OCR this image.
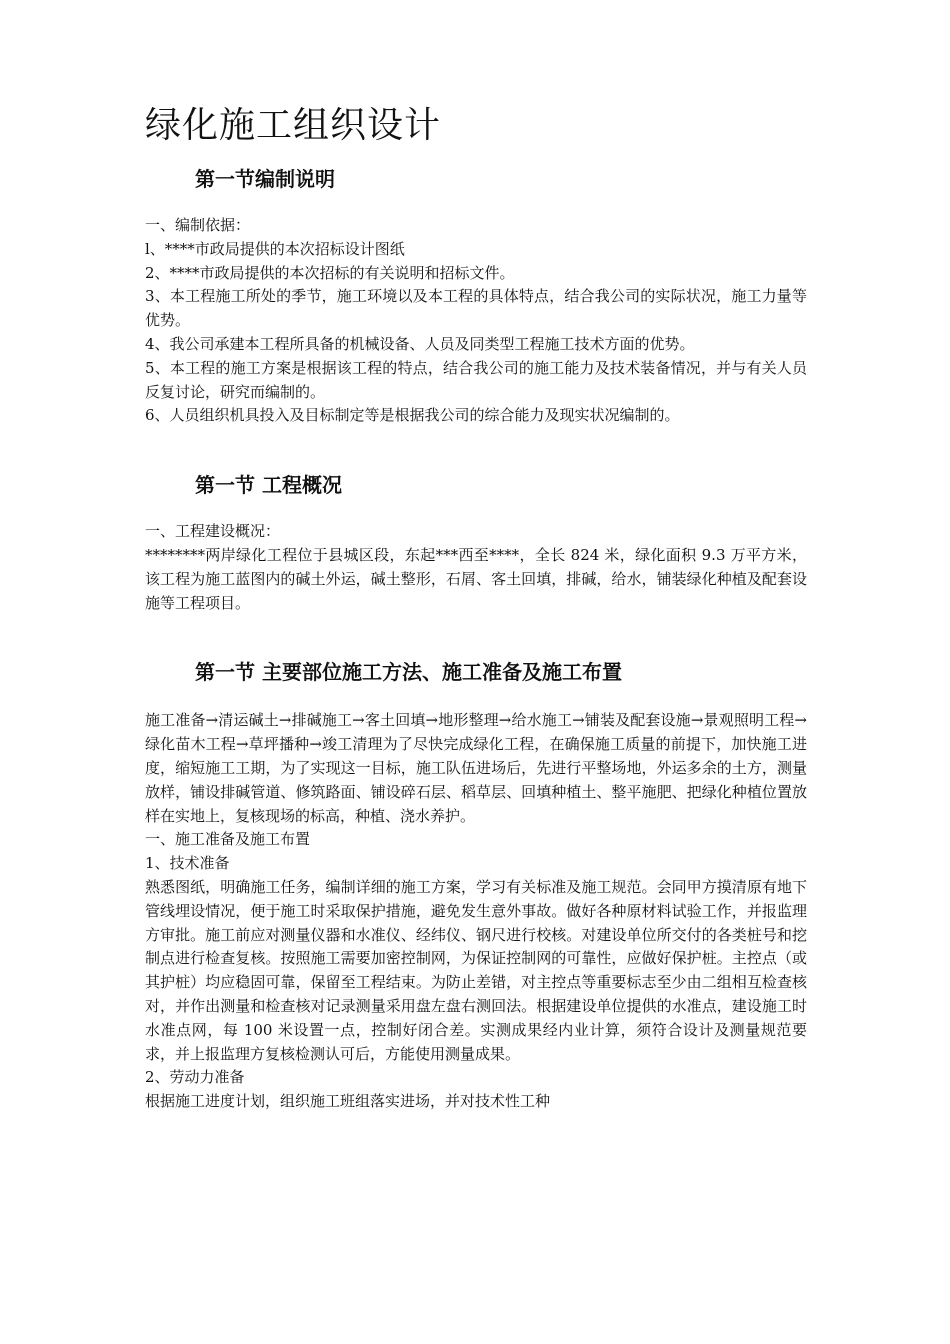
绿化施工组织设计
第一节编制说明

一、编制依据：

l、****市政局提供的本次招标设计图纸

2、****市政局提供的本次招标的有关说明和招标文件。

3、本工程施工所处的季节，施工环境以及本工程的具体特点，结合我公司的实际状况，施工力量等优势。

4、我公司承建本工程所具备的机械设备、人员及同类型工程施工技术方面的优势。

5、本工程的施工方案是根据该工程的特点，结合我公司的施工能力及技术装备情况，并与有关人员反复讨论，研究而编制的。

6、人员组织机具投入及目标制定等是根据我公司的综合能力及现实状况编制的。

第一节 工程概况

一、工程建设概况：

********两岸绿化工程位于县城区段，东起***西至****，全长 824 米，绿化面积 9.3 万平方米，该工程为施工蓝图内的碱土外运，碱土整形，石屑、客土回填，排碱，给水，铺装绿化种植及配套设施等工程项目。

第一节 主要部位施工方法、施工准备及施工布置

施工准备→清运碱土→排碱施工→客土回填→地形整理→给水施工→铺装及配套设施→景观照明工程→绿化苗木工程→草坪播种→竣工清理为了尽快完成绿化工程，在确保施工质量的前提下，加快施工进度，缩短施工工期，为了实现这一目标，施工队伍进场后，先进行平整场地，外运多余的土方，测量放样，铺设排碱管道、修筑路面、铺设碎石层、稻草层、回填种植土、整平施肥、把绿化种植位置放样在实地上，复核现场的标高，种植、浇水养护。

一、施工准备及施工布置

1、技术准备

熟悉图纸，明确施工任务，编制详细的施工方案，学习有关标准及施工规范。会同甲方摸清原有地下管线埋设情况，便于施工时采取保护措施，避免发生意外事故。做好各种原材料试验工作，并报监理方审批。施工前应对测量仪器和水准仪、经纬仪、钢尺进行校核。对建设单位所交付的各类桩号和挖制点进行检查复核。按照施工需要加密控制网，为保证控制网的可靠性，应做好保护桩。主控点（或其护桩）均应稳固可靠，保留至工程结束。为防止差错，对主控点等重要标志至少由二组相互检查核对，并作出测量和检查核对记录测量采用盘左盘右测回法。根据建设单位提供的水准点，建设施工时水准点网，每 100 米设置一点，控制好闭合差。实测成果经内业计算，须符合设计及测量规范要求，并上报监理方复核检测认可后，方能使用测量成果。

2、劳动力准备

根据施工进度计划，组织施工班组落实进场，并对技术性工种
